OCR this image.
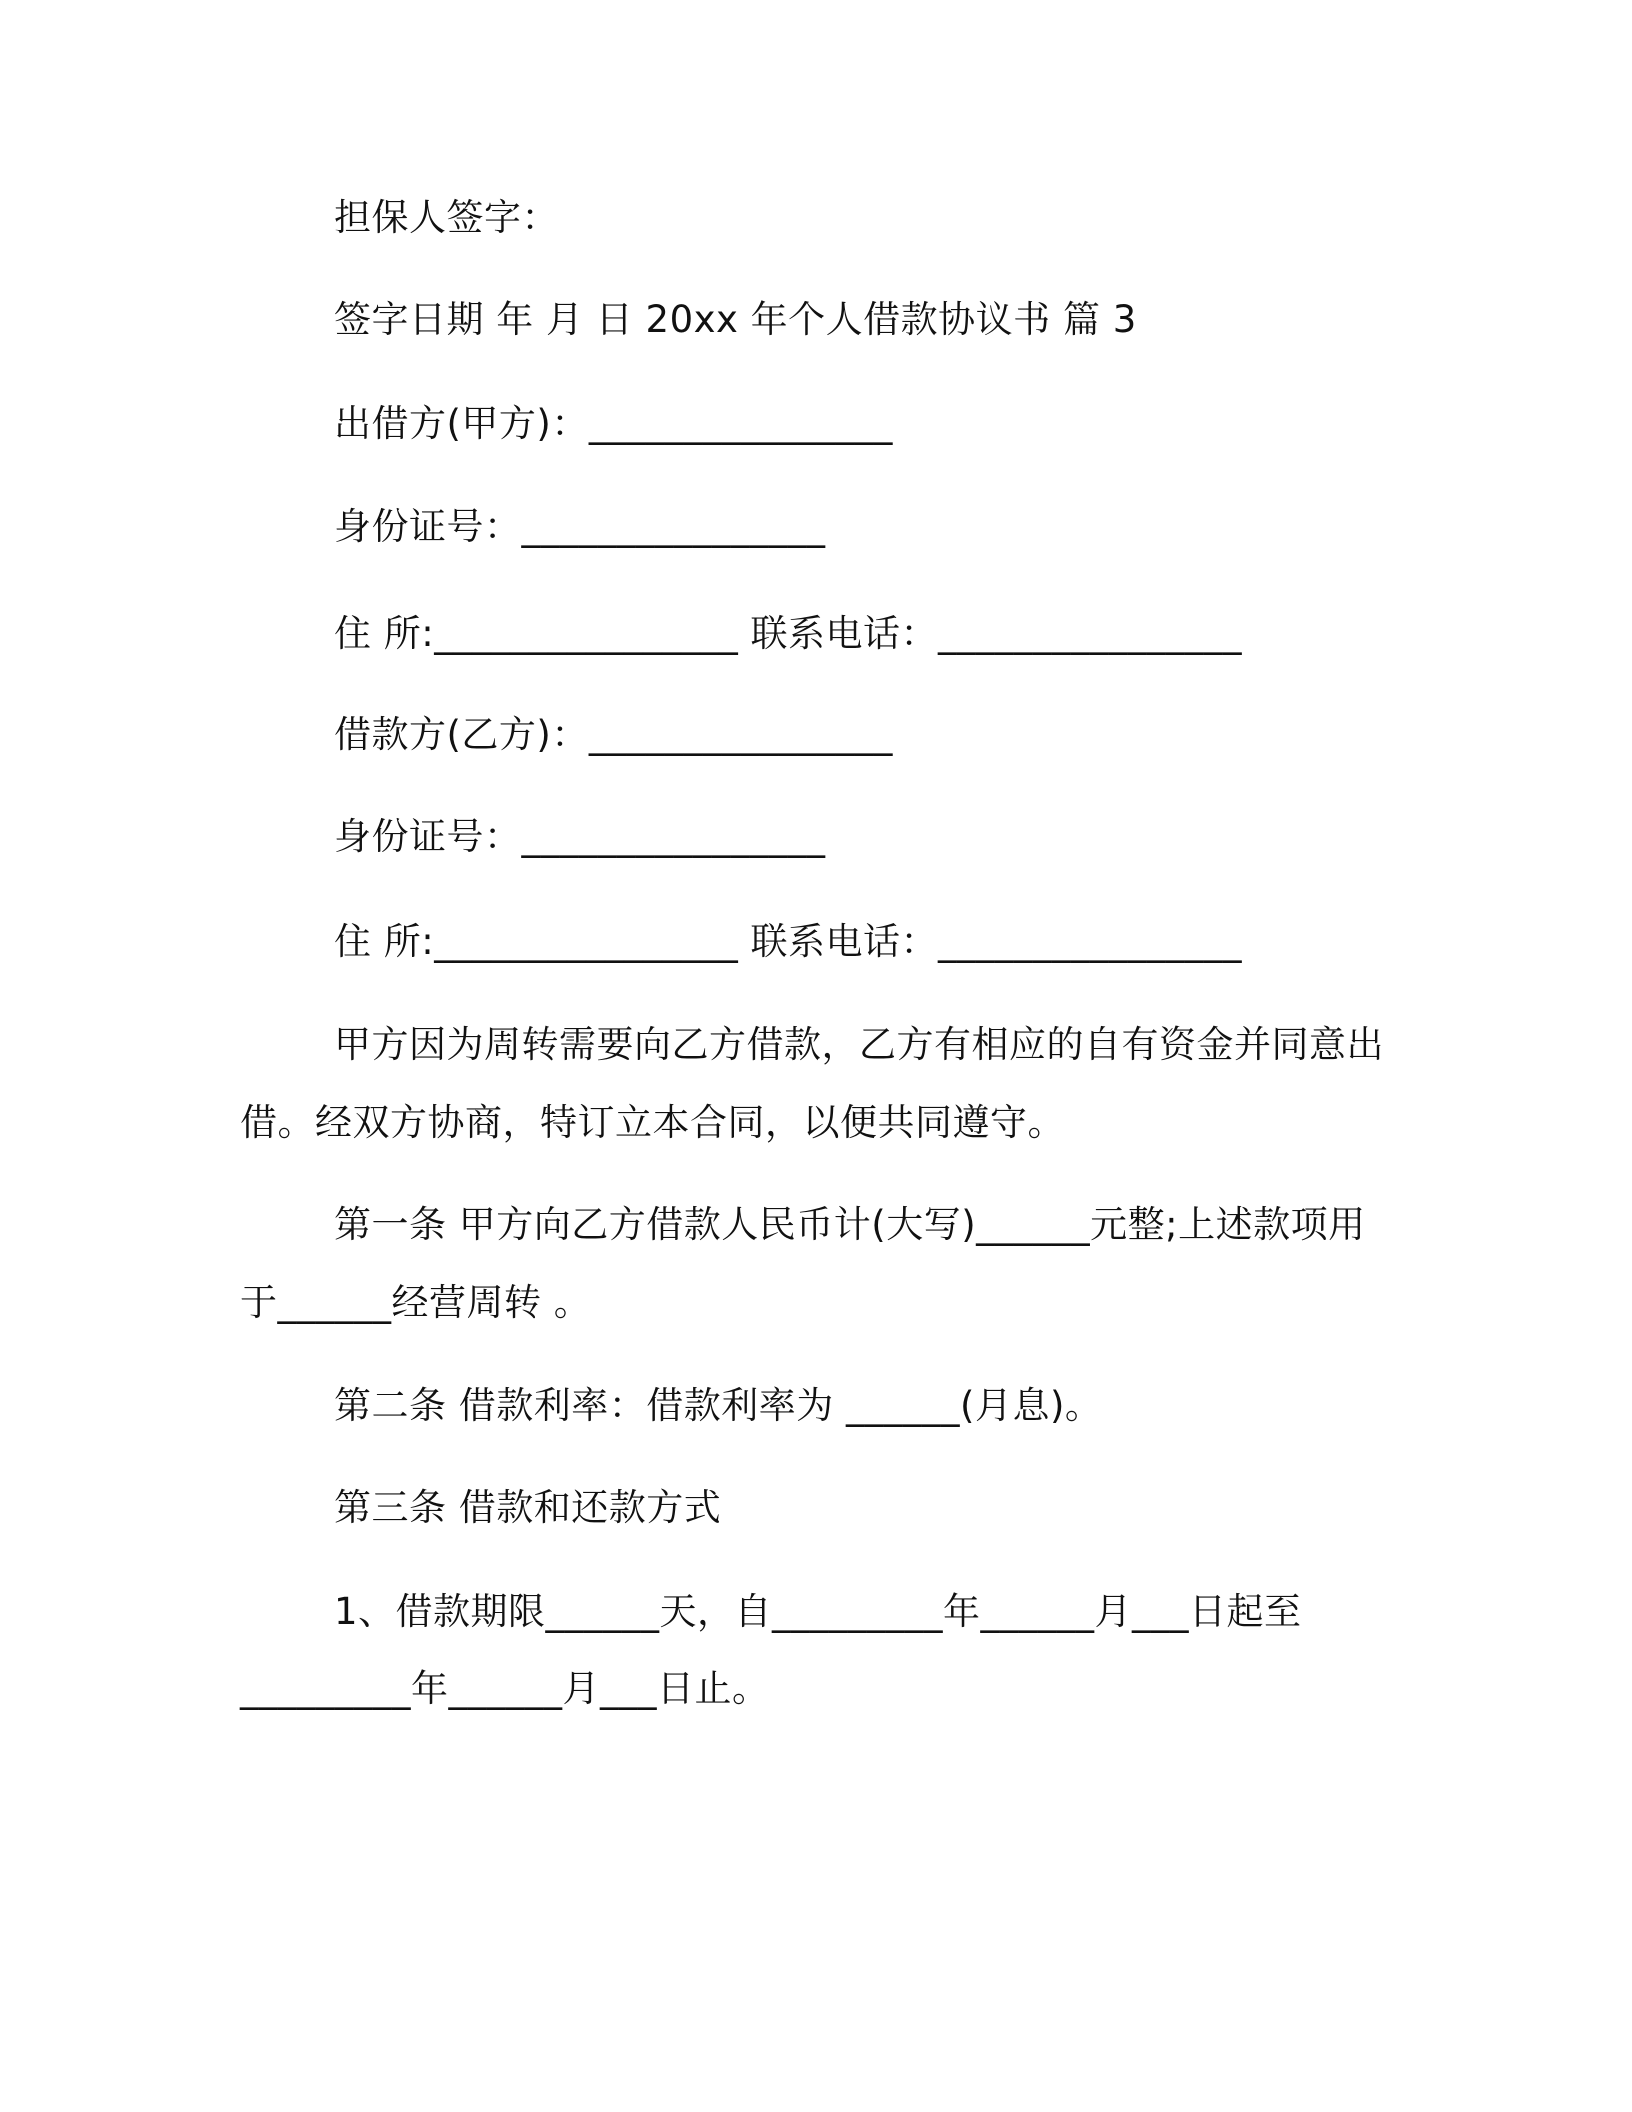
担保人签字：
签字日期 年 月 日 20xx 年个人借款协议书 篇 3
出借方(甲方)：________________
身份证号：________________
住 所:________________ 联系电话：________________
借款方(乙方)：________________
身份证号：________________
住 所:________________ 联系电话：________________
甲方因为周转需要向乙方借款，乙方有相应的自有资金并同意出
借。经双方协商，特订立本合同，以便共同遵守。
第一条 甲方向乙方借款人民币计(大写)______元整;上述款项用
于______经营周转 。
第二条 借款利率：借款利率为 ______(月息)。
第三条 借款和还款方式
1、借款期限______天，自_________年______月___日起至
_________年______月___日止。
